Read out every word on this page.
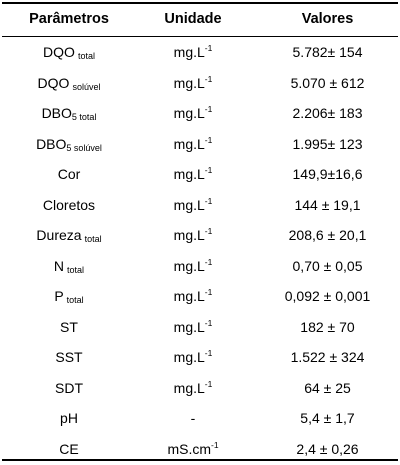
Parâmetros	Unidade	Valores
DQO $_{total}$	$mg.L^{-1}$	5.782± 154
DQO $_{solúvel}$	$mg.L^{-1}$	5.070 ± 612
$DBO_{5 total}$	$mg.L^{-1}$	2.206± 183
$DBO_{5 solúvel}$	$mg.L^{-1}$	1.995± 123
Cor	$mg.L^{-1}$	149,9±16,6
Cloretos	$mg.L^{-1}$	144 ± 19,1
Dureza $_{total}$	$mg.L^{-1}$	208,6 ± 20,1
N $_{total}$	$mg.L^{-1}$	0,70 ± 0,05
P $_{total}$	$mg.L^{-1}$	0,092 ± 0,001
ST	$mg.L^{-1}$	182 ± 70
SST	$mg.L^{-1}$	1.522 ± 324
SDT	$mg.L^{-1}$	64 ± 25
pH	-	5,4 ± 1,7
CE	$mS.cm^{-1}$	2,4 ± 0,26
